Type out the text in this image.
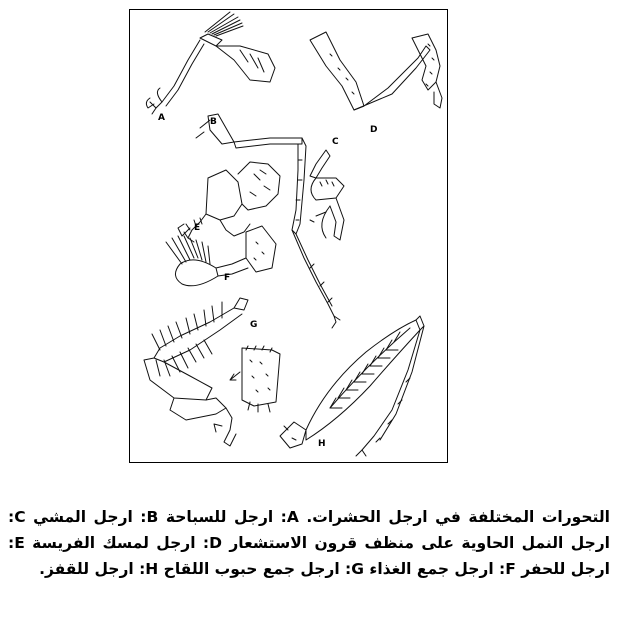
A	B
C
D
E
F
G
H
التحورات المختلفة في ارجل الحشرات. A: ارجل للسباحة B: ارجل المشي C: ارجل النمل الحاوية على منظف قرون الاستشعار D: ارجل لمسك الفريسة E: ارجل للحفر F: ارجل جمع الغذاء G: ارجل جمع حبوب اللقاح H: ارجل للقفز.
